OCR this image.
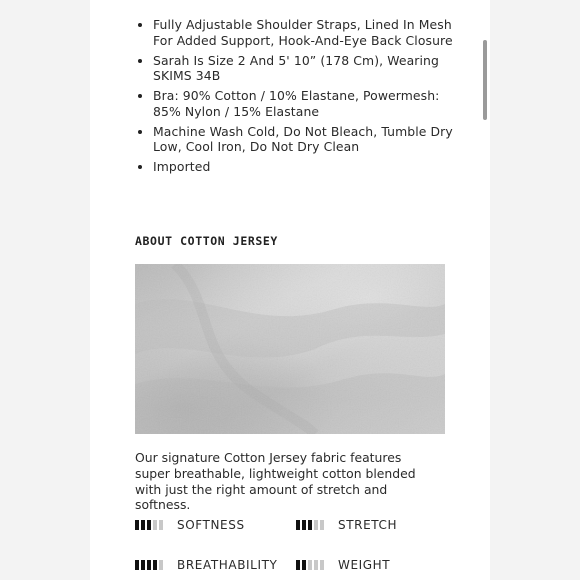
Fully Adjustable Shoulder Straps, Lined In Mesh For Added Support, Hook-And-Eye Back Closure
Sarah Is Size 2 And 5' 10” (178 Cm), Wearing SKIMS 34B
Bra: 90% Cotton / 10% Elastane, Powermesh: 85% Nylon / 15% Elastane
Machine Wash Cold, Do Not Bleach, Tumble Dry Low, Cool Iron, Do Not Dry Clean
Imported
ABOUT COTTON JERSEY
Our signature Cotton Jersey fabric features super breathable, lightweight cotton blended with just the right amount of stretch and softness.
SOFTNESS	STRETCH
BREATHABILITY	WEIGHT
